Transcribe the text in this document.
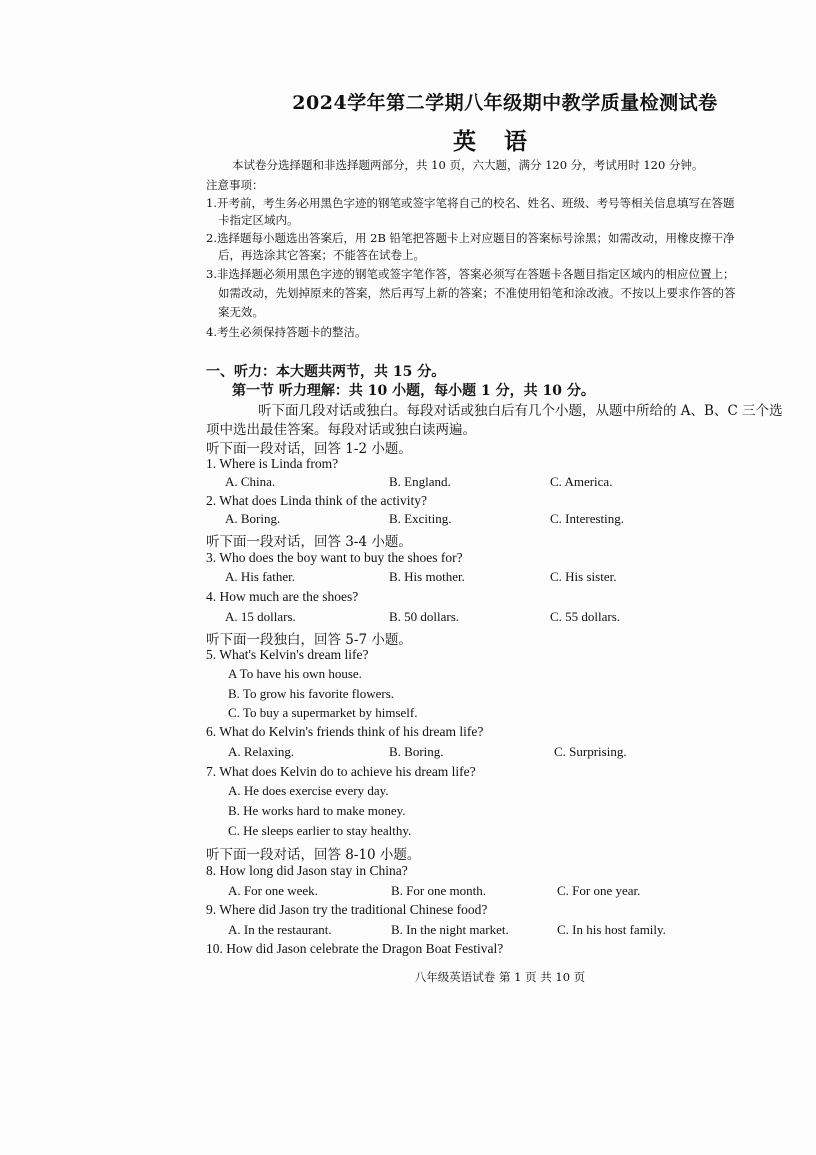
2024学年第二学期八年级期中教学质量检测试卷
英 语
本试卷分选择题和非选择题两部分，共 10 页，六大题，满分 120 分，考试用时 120 分钟。
注意事项：
1.开考前，考生务必用黑色字迹的钢笔或签字笔将自己的校名、姓名、班级、考号等相关信息填写在答题
卡指定区域内。
2.选择题每小题选出答案后，用 2B 铅笔把答题卡上对应题目的答案标号涂黑；如需改动，用橡皮擦干净
后，再选涂其它答案；不能答在试卷上。
3.非选择题必须用黑色字迹的钢笔或签字笔作答，答案必须写在答题卡各题目指定区域内的相应位置上；
如需改动，先划掉原来的答案，然后再写上新的答案；不准使用铅笔和涂改液。不按以上要求作答的答
案无效。
4.考生必须保持答题卡的整洁。
一、听力：本大题共两节，共 15 分。
第一节 听力理解：共 10 小题，每小题 1 分，共 10 分。
听下面几段对话或独白。每段对话或独白后有几个小题，从题中所给的 A、B、C 三个选
项中选出最佳答案。每段对话或独白读两遍。
听下面一段对话，回答 1-2 小题。
1. Where is Linda from?
A. China.	B. England.	C. America.
2. What does Linda think of the activity?
A. Boring.	B. Exciting.	C. Interesting.
听下面一段对话，回答 3-4 小题。
3. Who does the boy want to buy the shoes for?
A. His father.	B. His mother.	C. His sister.
4. How much are the shoes?
A. 15 dollars.	B. 50 dollars.	C. 55 dollars.
听下面一段独白，回答 5-7 小题。
5. What's Kelvin's dream life?
A To have his own house.
B. To grow his favorite flowers.
C. To buy a supermarket by himself.
6. What do Kelvin's friends think of his dream life?
A. Relaxing.	B. Boring.	C. Surprising.
7. What does Kelvin do to achieve his dream life?
A. He does exercise every day.
B. He works hard to make money.
C. He sleeps earlier to stay healthy.
听下面一段对话，回答 8-10 小题。
8. How long did Jason stay in China?
A. For one week.	B. For one month.	C. For one year.
9. Where did Jason try the traditional Chinese food?
A. In the restaurant.	B. In the night market.	C. In his host family.
10. How did Jason celebrate the Dragon Boat Festival?
八年级英语试卷 第 1 页 共 10 页
